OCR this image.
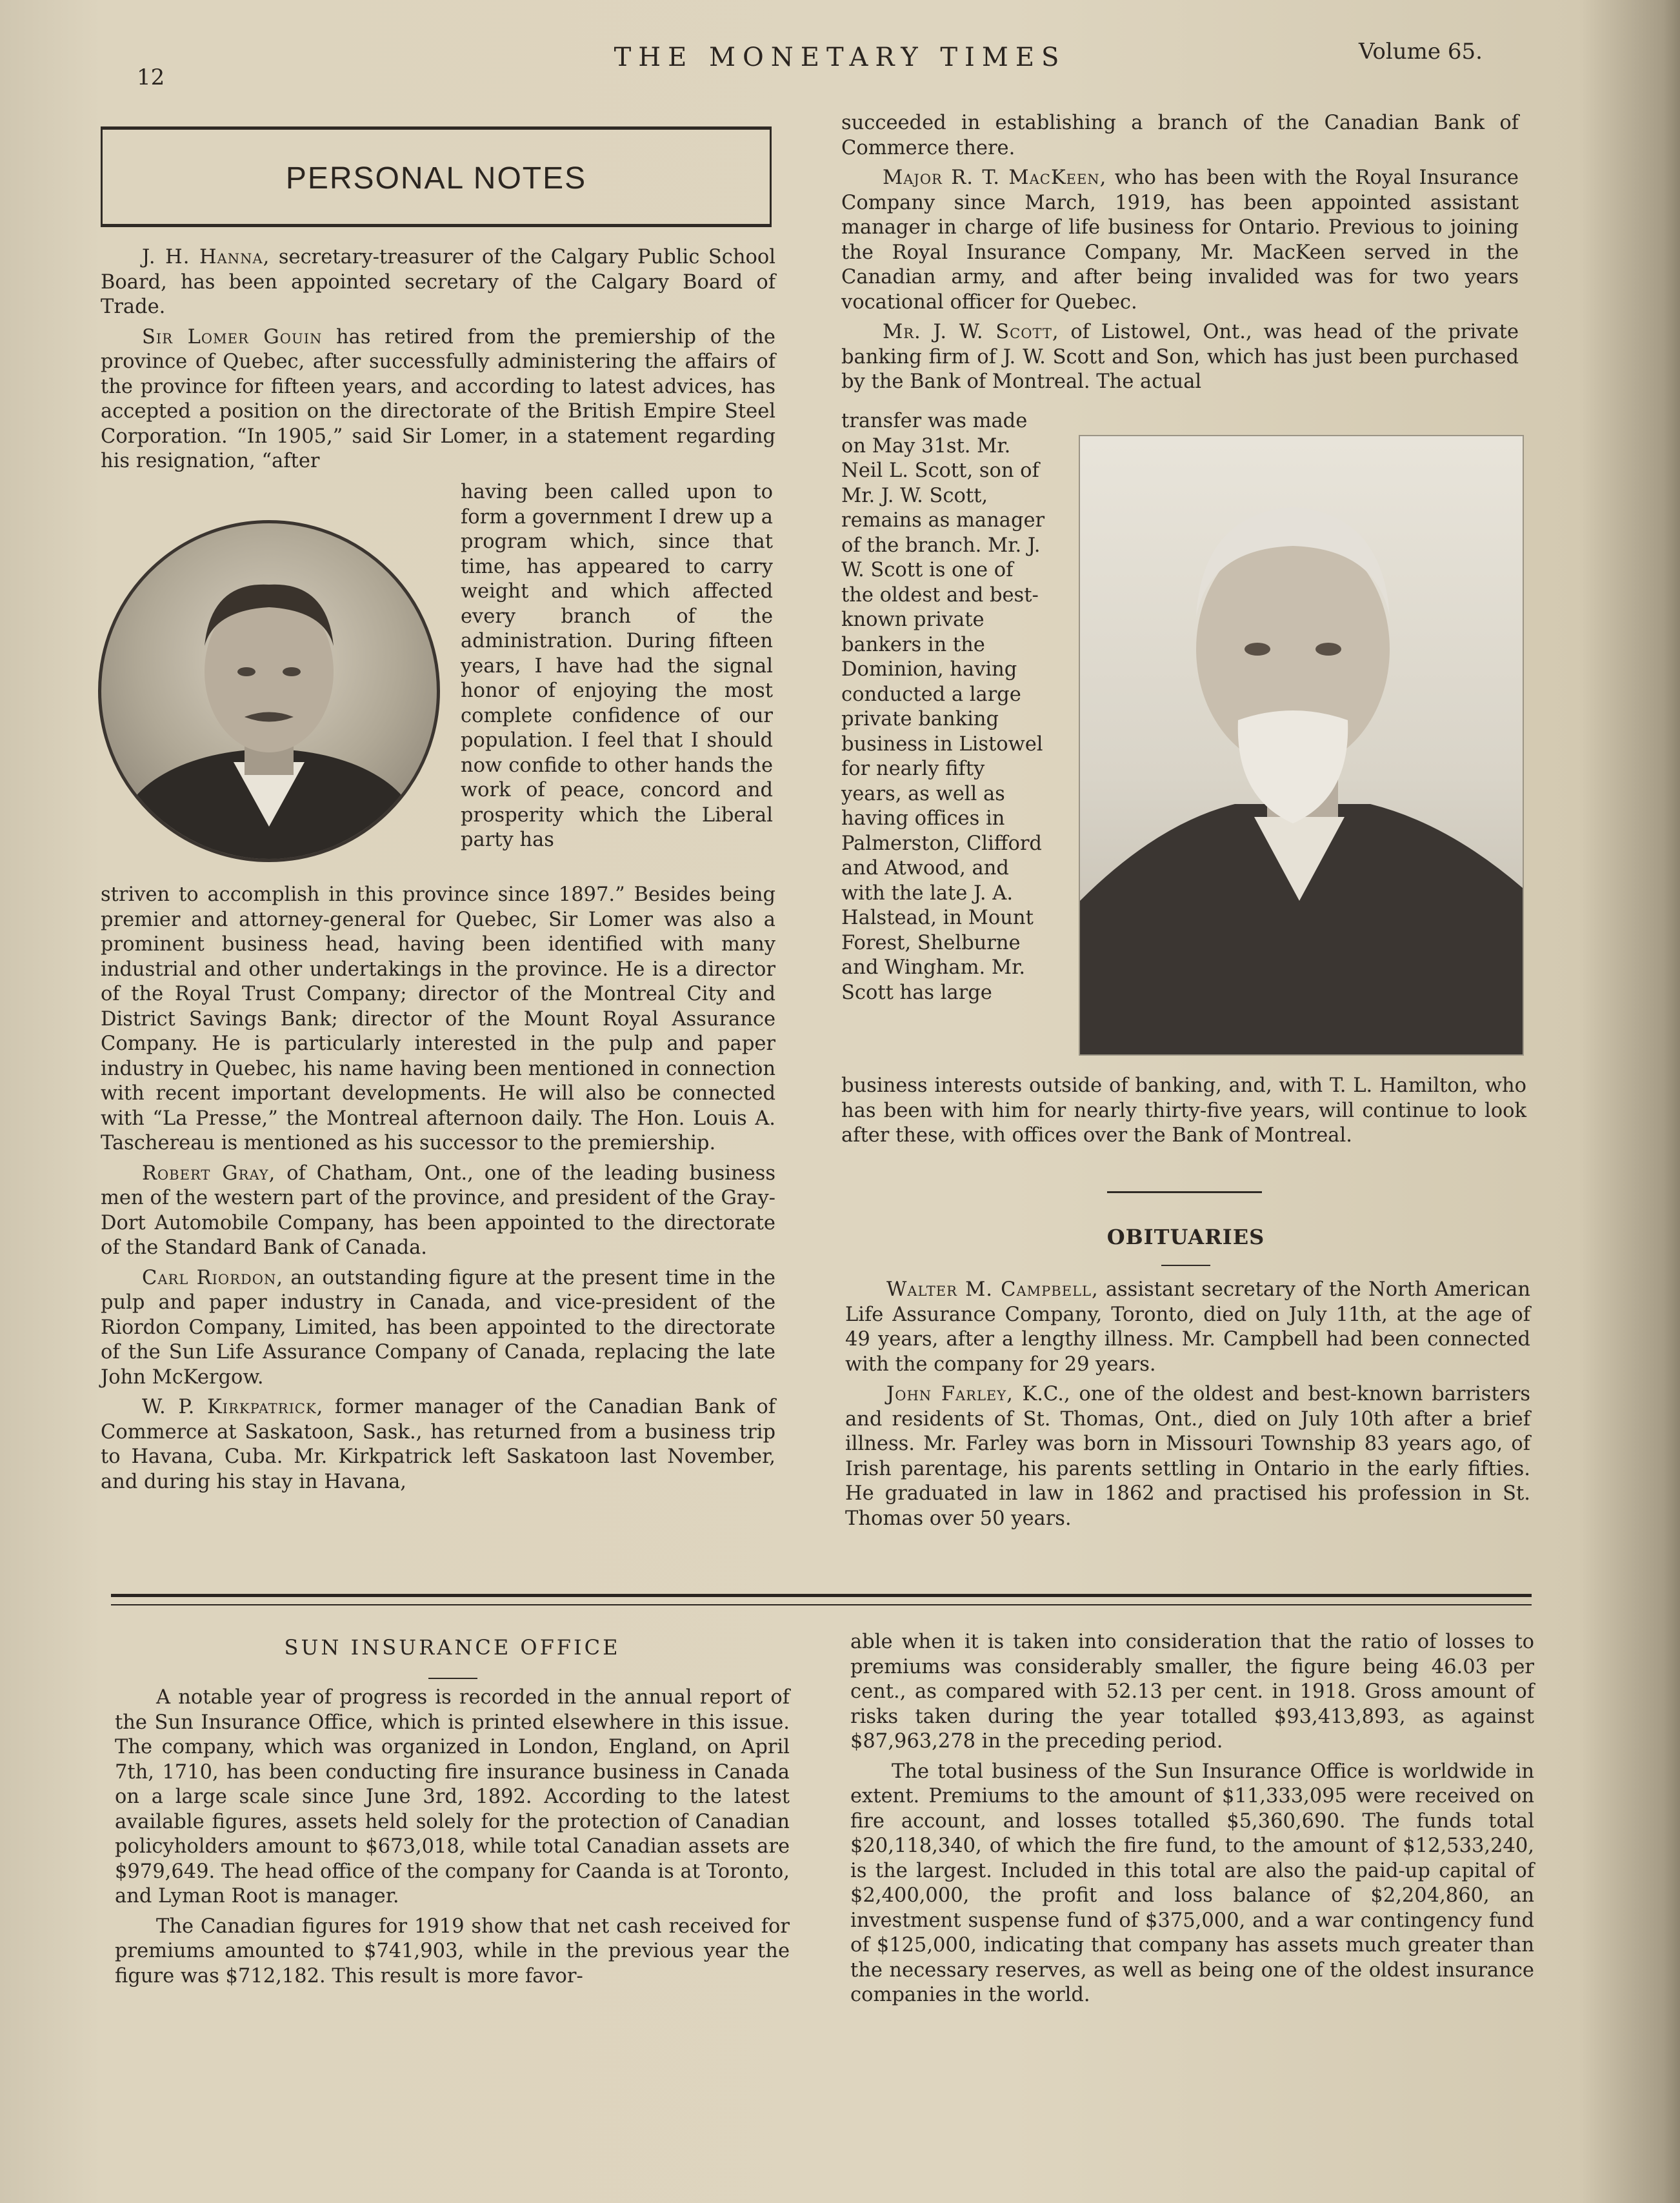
12
THE MONETARY TIMES	Volume 65.
PERSONAL NOTES

J. H. Hanna, secretary-treasurer of the Calgary Public School Board, has been appointed secretary of the Calgary Board of Trade.

Sir Lomer Gouin has retired from the premiership of the province of Quebec, after successfully administering the affairs of the province for fifteen years, and according to latest advices, has accepted a position on the directorate of the British Empire Steel Corporation. “In 1905,” said Sir Lomer, in a statement regarding his resignation, “after

having been called upon to form a government I drew up a program which, since that time, has appeared to carry weight and which affected every branch of the administration. During fifteen years, I have had the signal honor of enjoying the most complete confidence of our population. I feel that I should now confide to other hands the work of peace, concord and prosperity which the Liberal party has

striven to accomplish in this province since 1897.” Besides being premier and attorney-general for Quebec, Sir Lomer was also a prominent business head, having been identified with many industrial and other undertakings in the province. He is a director of the Royal Trust Company; director of the Montreal City and District Savings Bank; director of the Mount Royal Assurance Company. He is particularly interested in the pulp and paper industry in Quebec, his name having been mentioned in connection with recent important developments. He will also be connected with “La Presse,” the Montreal afternoon daily. The Hon. Louis A. Taschereau is mentioned as his successor to the premiership.

Robert Gray, of Chatham, Ont., one of the leading business men of the western part of the province, and president of the Gray-Dort Automobile Company, has been appointed to the directorate of the Standard Bank of Canada.

Carl Riordon, an outstanding figure at the present time in the pulp and paper industry in Canada, and vice-president of the Riordon Company, Limited, has been appointed to the directorate of the Sun Life Assurance Company of Canada, replacing the late John McKergow.

W. P. Kirkpatrick, former manager of the Canadian Bank of Commerce at Saskatoon, Sask., has returned from a business trip to Havana, Cuba. Mr. Kirkpatrick left Saskatoon last November, and during his stay in Havana,

succeeded in establishing a branch of the Canadian Bank of Commerce there.

Major R. T. MacKeen, who has been with the Royal Insurance Company since March, 1919, has been appointed assistant manager in charge of life business for Ontario. Previous to joining the Royal Insurance Company, Mr. MacKeen served in the Canadian army, and after being invalided was for two years vocational officer for Quebec.

Mr. J. W. Scott, of Listowel, Ont., was head of the private banking firm of J. W. Scott and Son, which has just been purchased by the Bank of Montreal. The actual

transfer was made on May 31st. Mr. Neil L. Scott, son of Mr. J. W. Scott, remains as manager of the branch. Mr. J. W. Scott is one of the oldest and best-known private bankers in the Dominion, having conducted a large private banking business in Listowel for nearly fifty years, as well as having offices in Palmerston, Clifford and Atwood, and with the late J. A. Halstead, in Mount Forest, Shelburne and Wingham. Mr. Scott has large
business interests outside of banking, and, with T. L. Hamilton, who has been with him for nearly thirty-five years, will continue to look after these, with offices over the Bank of Montreal.
OBITUARIES

Walter M. Campbell, assistant secretary of the North American Life Assurance Company, Toronto, died on July 11th, at the age of 49 years, after a lengthy illness. Mr. Campbell had been connected with the company for 29 years.

John Farley, K.C., one of the oldest and best-known barristers and residents of St. Thomas, Ont., died on July 10th after a brief illness. Mr. Farley was born in Missouri Township 83 years ago, of Irish parentage, his parents settling in Ontario in the early fifties. He graduated in law in 1862 and practised his profession in St. Thomas over 50 years.

SUN INSURANCE OFFICE

A notable year of progress is recorded in the annual report of the Sun Insurance Office, which is printed elsewhere in this issue. The company, which was organized in London, England, on April 7th, 1710, has been conducting fire insurance business in Canada on a large scale since June 3rd, 1892. According to the latest available figures, assets held solely for the protection of Canadian policyholders amount to $673,018, while total Canadian assets are $979,649. The head office of the company for Caanda is at Toronto, and Lyman Root is manager.

The Canadian figures for 1919 show that net cash received for premiums amounted to $741,903, while in the previous year the figure was $712,182. This result is more favor-

able when it is taken into consideration that the ratio of losses to premiums was considerably smaller, the figure being 46.03 per cent., as compared with 52.13 per cent. in 1918. Gross amount of risks taken during the year totalled $93,413,893, as against $87,963,278 in the preceding period.

The total business of the Sun Insurance Office is worldwide in extent. Premiums to the amount of $11,333,095 were received on fire account, and losses totalled $5,360,690. The funds total $20,118,340, of which the fire fund, to the amount of $12,533,240, is the largest. Included in this total are also the paid-up capital of $2,400,000, the profit and loss balance of $2,204,860, an investment suspense fund of $375,000, and a war contingency fund of $125,000, indicating that company has assets much greater than the necessary reserves, as well as being one of the oldest insurance companies in the world.
